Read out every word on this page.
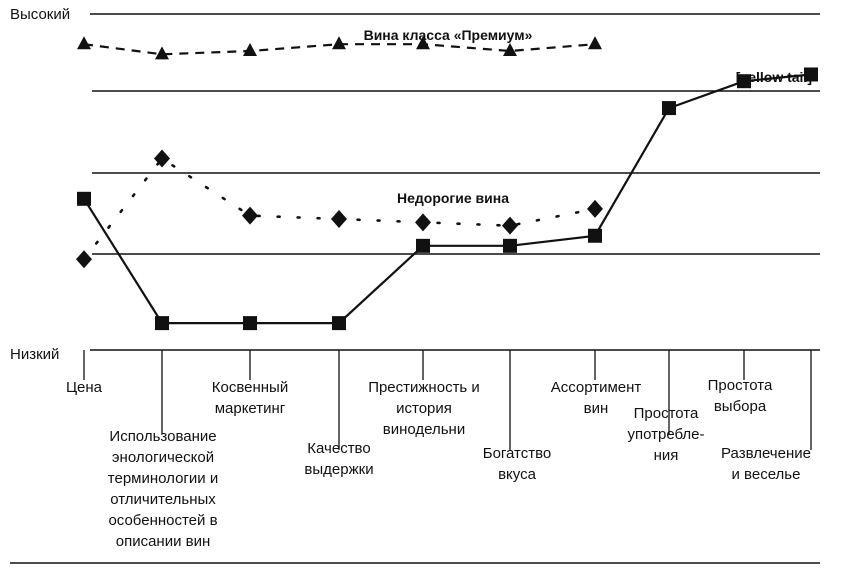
Высокий
Низкий
Цена
Использование энологической терминологии и отличительных особенностей в описании вин
Косвенный маркетинг
Качество выдержки
Престижность и история винодельни
Богатство вкуса
Ассортимент вин	Простота употребле-ния
Простота выбора
Развлечение и веселье
Вина класса «Премиум»
[yellow tail]
Недорогие вина
